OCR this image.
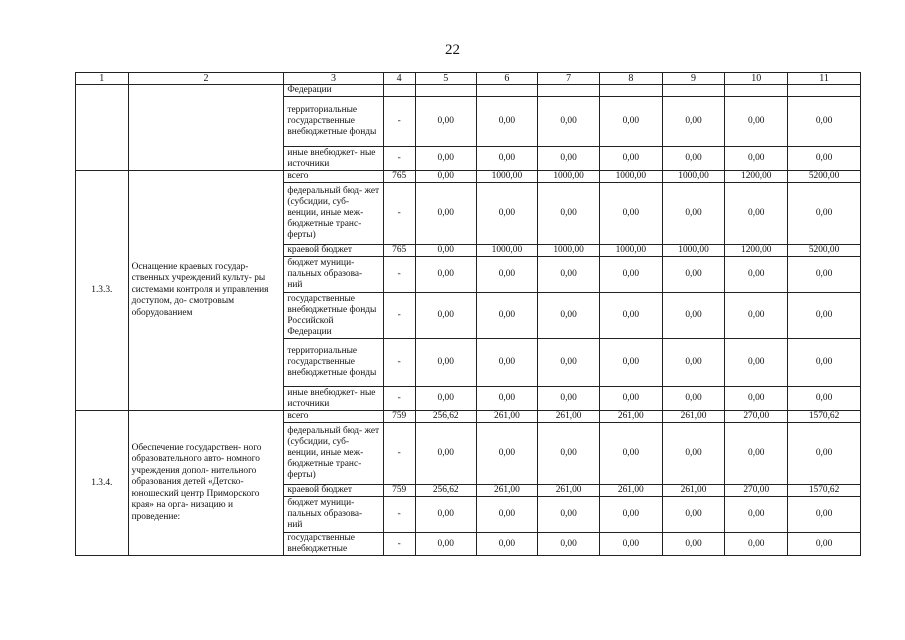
22
1	2	3	4	5	6	7	8	9	10	11
		Федерации								
		территориальные государственные внебюджетные фонды	-	0,00	0,00	0,00	0,00	0,00	0,00	0,00
		иные внебюджет- ные источники	-	0,00	0,00	0,00	0,00	0,00	0,00	0,00
1.3.3.	Оснащение краевых государ- ственных учреждений культу- ры системами контроля и управления доступом, до- смотровым оборудованием	всего	765	0,00	1000,00	1000,00	1000,00	1000,00	1200,00	5200,00
		федеральный бюд- жет (субсидии, суб- венции, иные меж- бюджетные транс- ферты)	-	0,00	0,00	0,00	0,00	0,00	0,00	0,00
		краевой бюджет	765	0,00	1000,00	1000,00	1000,00	1000,00	1200,00	5200,00
		бюджет муници- пальных образова- ний	-	0,00	0,00	0,00	0,00	0,00	0,00	0,00
		государственные внебюджетные фонды Российской Федерации	-	0,00	0,00	0,00	0,00	0,00	0,00	0,00
		территориальные государственные внебюджетные фонды	-	0,00	0,00	0,00	0,00	0,00	0,00	0,00
		иные внебюджет- ные источники	-	0,00	0,00	0,00	0,00	0,00	0,00	0,00
1.3.4.	Обеспечение государствен- ного образовательного авто- номного учреждения допол- нительного образования детей «Детско-юношеский центр Приморского края» на орга- низацию и проведение:	всего	759	256,62	261,00	261,00	261,00	261,00	270,00	1570,62
		федеральный бюд- жет (субсидии, суб- венции, иные меж- бюджетные транс- ферты)	-	0,00	0,00	0,00	0,00	0,00	0,00	0,00
		краевой бюджет	759	256,62	261,00	261,00	261,00	261,00	270,00	1570,62
		бюджет муници- пальных образова- ний	-	0,00	0,00	0,00	0,00	0,00	0,00	0,00
		государственные внебюджетные	-	0,00	0,00	0,00	0,00	0,00	0,00	0,00
